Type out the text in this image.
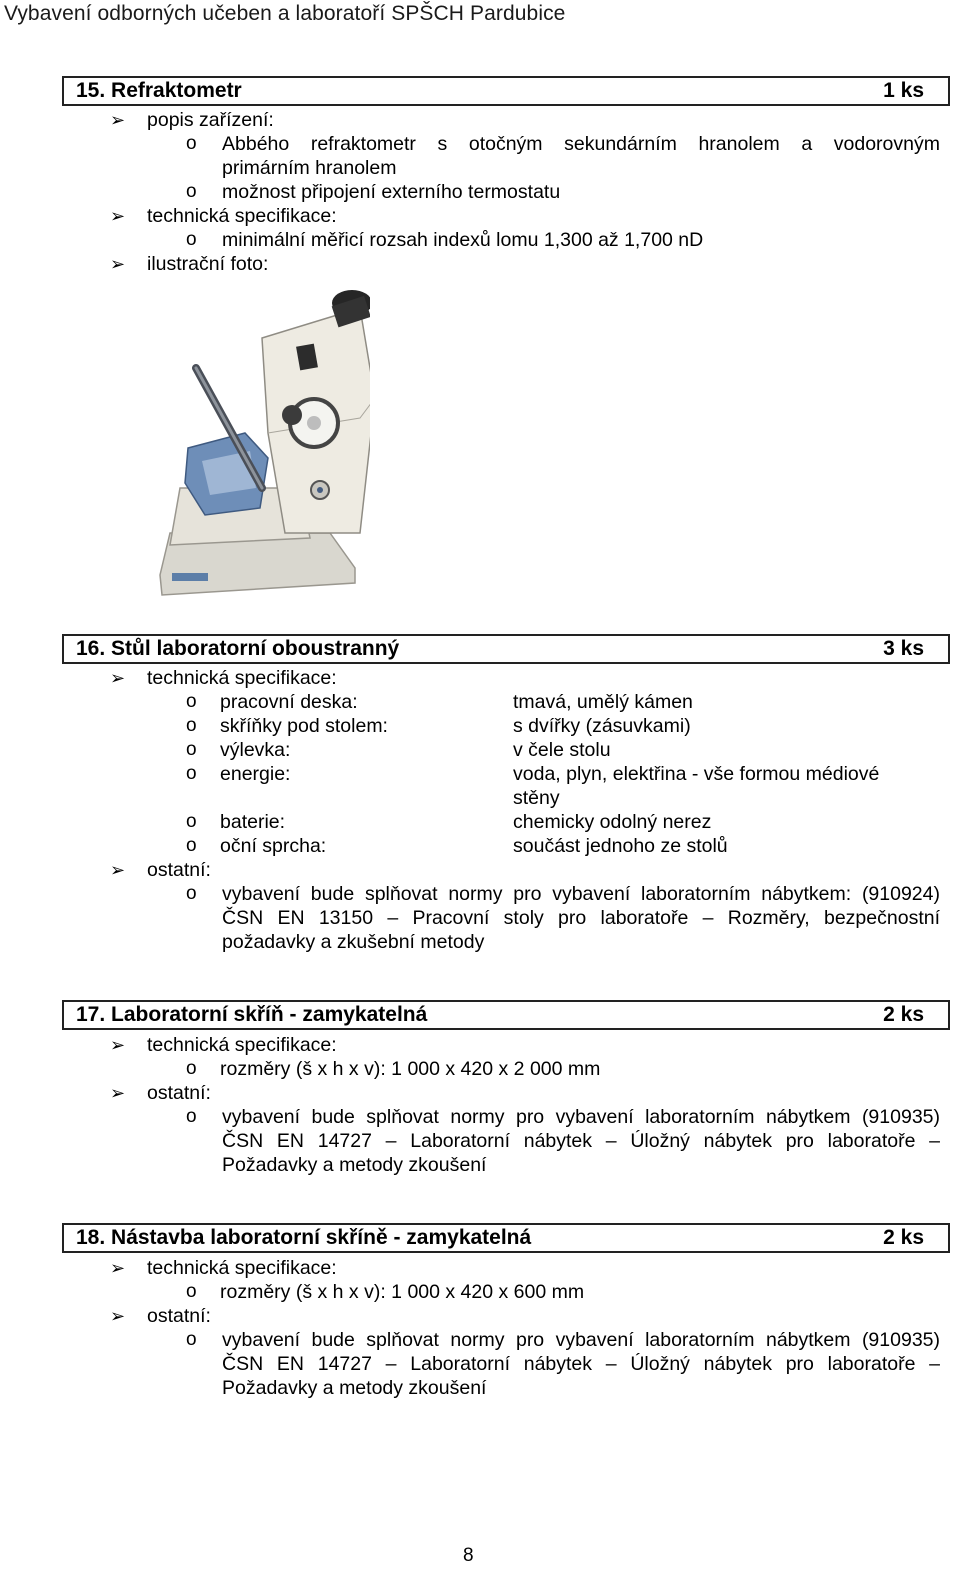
Vybavení odborných učeben a laboratoří SPŠCH Pardubice
15. Refraktometr	1 ks
➢ popis zařízení:
o Abbého refraktometr s otočným sekundárním hranolem a vodorovným
primárním hranolem
o možnost připojení externího termostatu
➢ technická specifikace:
o minimální měřicí rozsah indexů lomu 1,300 až 1,700 nD
➢ ilustrační foto:
16. Stůl laboratorní oboustranný	3 ks
➢ technická specifikace:
o pracovní deska:	tmavá, umělý kámen
o skříňky pod stolem:	s dvířky (zásuvkami)
o výlevka:	v čele stolu
o energie:	voda, plyn, elektřina - vše formou médiové
stěny
o baterie:	chemicky odolný nerez
o oční sprcha:	součást jednoho ze stolů
➢ ostatní:
o vybavení bude splňovat normy pro vybavení laboratorním nábytkem: (910924)
ČSN EN 13150 – Pracovní stoly pro laboratoře – Rozměry, bezpečnostní
požadavky a zkušební metody
17. Laboratorní skříň - zamykatelná	2 ks
➢ technická specifikace:
o rozměry (š x h x v): 1 000 x 420 x 2 000 mm
➢ ostatní:
o vybavení bude splňovat normy pro vybavení laboratorním nábytkem (910935)
ČSN EN 14727 – Laboratorní nábytek – Úložný nábytek pro laboratoře –
Požadavky a metody zkoušení
18. Nástavba laboratorní skříně - zamykatelná	2 ks
➢ technická specifikace:
o rozměry (š x h x v): 1 000 x 420 x 600 mm
➢ ostatní:
o vybavení bude splňovat normy pro vybavení laboratorním nábytkem (910935)
ČSN EN 14727 – Laboratorní nábytek – Úložný nábytek pro laboratoře –
Požadavky a metody zkoušení
8
